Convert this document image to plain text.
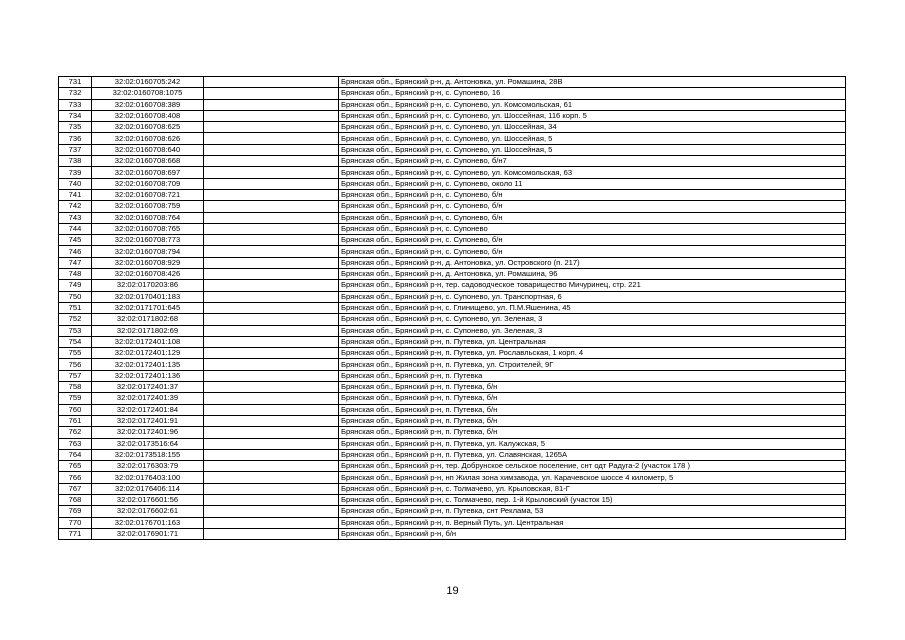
731	32:02:0160705:242		Брянская обл., Брянский р-н, д. Антоновка, ул. Ромашина, 28В
732	32:02:0160708:1075		Брянская обл., Брянский р-н, с. Супонево, 16
733	32:02:0160708:389		Брянская обл., Брянский р-н, с. Супонево, ул. Комсомольская, 61
734	32:02:0160708:408		Брянская обл., Брянский р-н, с. Супонево, ул. Шоссейная, 116 корп. 5
735	32:02:0160708:625		Брянская обл., Брянский р-н, с. Супонево, ул. Шоссейная, 34
736	32:02:0160708:626		Брянская обл., Брянский р-н, с. Супонево, ул. Шоссейная, 5
737	32:02:0160708:640		Брянская обл., Брянский р-н, с. Супонево, ул. Шоссейная, 5
738	32:02:0160708:668		Брянская обл., Брянский р-н, с. Супонево, б/н7
739	32:02:0160708:697		Брянская обл., Брянский р-н, с. Супонево, ул. Комсомольская, 63
740	32:02:0160708:709		Брянская обл., Брянский р-н, с. Супонево, около 11
741	32:02:0160708:721		Брянская обл., Брянский р-н, с. Супонево, б/н
742	32:02:0160708:759		Брянская обл., Брянский р-н, с. Супонево, б/н
743	32:02:0160708:764		Брянская обл., Брянский р-н, с. Супонево, б/н
744	32:02:0160708:765		Брянская обл., Брянский р-н, с. Супонево
745	32:02:0160708:773		Брянская обл., Брянский р-н, с. Супонево, б/н
746	32:02:0160708:794		Брянская обл., Брянский р-н, с. Супонево, б/н
747	32:02:0160708:929		Брянская обл., Брянский р-н, д. Антоновка, ул. Островского (п. 217)
748	32:02:0160708:426		Брянская обл., Брянский р-н, д. Антоновка, ул. Ромашина, 96
749	32:02:0170203:86		Брянская обл., Брянский р-н, тер. садоводческое товарищество Мичуринец, стр. 221
750	32:02:0170401:183		Брянская обл., Брянский р-н, с. Супонево, ул. Транспортная, 6
751	32:02:0171701:645		Брянская обл., Брянский р-н, с. Глинищево, ул. П.М.Яшенина, 45
752	32:02:0171802:68		Брянская обл., Брянский р-н, с. Супонево, ул. Зеленая, 3
753	32:02:0171802:69		Брянская обл., Брянский р-н, с. Супонево, ул. Зеленая, 3
754	32:02:0172401:108		Брянская обл., Брянский р-н, п. Путевка, ул. Центральная
755	32:02:0172401:129		Брянская обл., Брянский р-н, п. Путевка, ул. Рославльская, 1 корп. 4
756	32:02:0172401:135		Брянская обл., Брянский р-н, п. Путевка, ул. Строителей, 9Г
757	32:02:0172401:136		Брянская обл., Брянский р-н, п. Путевка
758	32:02:0172401:37		Брянская обл., Брянский р-н, п. Путевка, б/н
759	32:02:0172401:39		Брянская обл., Брянский р-н, п. Путевка, б/н
760	32:02:0172401:84		Брянская обл., Брянский р-н, п. Путевка, б/н
761	32:02:0172401:91		Брянская обл., Брянский р-н, п. Путевка, б/н
762	32:02:0172401:96		Брянская обл., Брянский р-н, п. Путевка, б/н
763	32:02:0173516:64		Брянская обл., Брянский р-н, п. Путевка, ул. Калужская, 5
764	32:02:0173518:155		Брянская обл., Брянский р-н, п. Путевка, ул. Славянская, 1265А
765	32:02:0176303:79		Брянская обл., Брянский р-н, тер. Добрунское сельское поселение, снт одт Радуга-2 (участок 178 )
766	32:02:0176403:100		Брянская обл., Брянский р-н, нп Жилая зона химзавода, ул. Карачевское шоссе 4 километр, 5
767	32:02:0176406:114		Брянская обл., Брянский р-н, с. Толмачево, ул. Крыловская, 81-Г
768	32:02:0176601:56		Брянская обл., Брянский р-н, с. Толмачево, пер. 1-й Крыловский (участок 15)
769	32:02:0176602:61		Брянская обл., Брянский р-н, п. Путевка, снт Реклама, 53
770	32:02:0176701:163		Брянская обл., Брянский р-н, п. Верный Путь, ул. Центральная
771	32:02:0176901:71		Брянская обл., Брянский р-н, б/н
19
